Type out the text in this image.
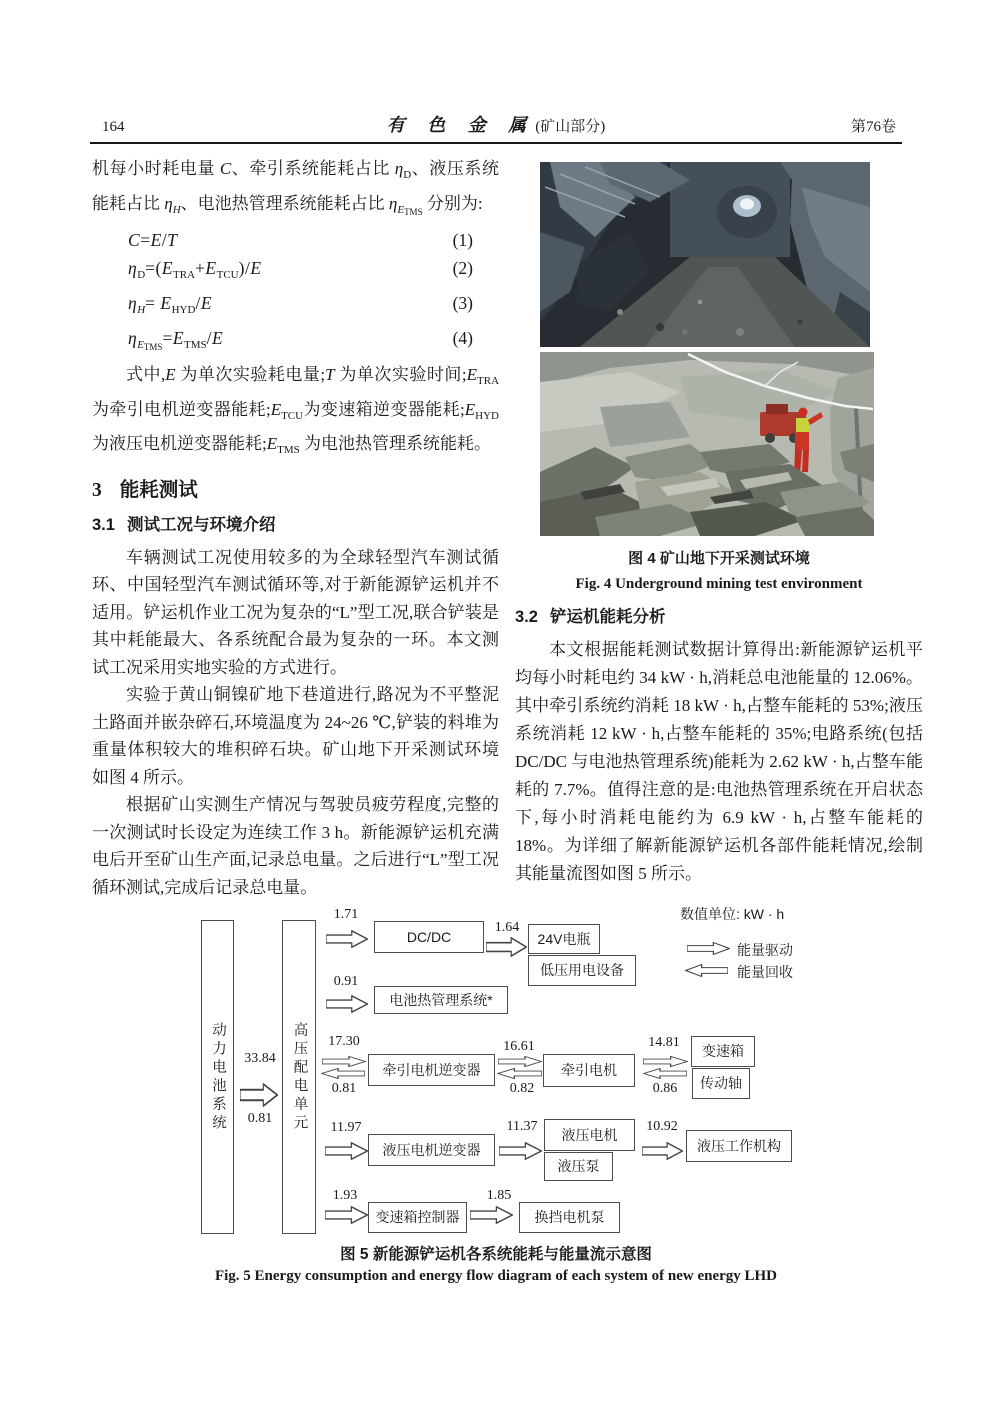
164	有 色 金 属(矿山部分)	第76卷

机每小时耗电量 C、牵引系统能耗占比 $\eta_D$、液压系统能耗占比 $\eta_H$、电池热管理系统能耗占比 $\eta_{ETMS}$ 分别为:

C=E/T	(1)
$\eta_D=(E_{TRA}+E_{TCU})/E$	(2)
$\eta_H= E_{HYD}/E$	(3)
$\eta_{ETMS}=E_{TMS}/E$	(4)

式中,E 为单次实验耗电量;T 为单次实验时间$;E_{TRA}$为牵引电机逆变器能耗$;E_{TCU}$为变速箱逆变器能耗$;E_{HYD}$ 为液压电机逆变器能耗$;E_{TMS}$ 为电池热管理系统能耗。

3 能耗测试
3.1 测试工况与环境介绍

车辆测试工况使用较多的为全球轻型汽车测试循环、中国轻型汽车测试循环等,对于新能源铲运机并不适用。铲运机作业工况为复杂的“L”型工况,联合铲装是其中耗能最大、各系统配合最为复杂的一环。本文测试工况采用实地实验的方式进行。

实验于黄山铜镍矿地下巷道进行,路况为不平整泥土路面并嵌杂碎石,环境温度为 24~26 ℃,铲装的料堆为重量体积较大的堆积碎石块。矿山地下开采测试环境如图 4 所示。

根据矿山实测生产情况与驾驶员疲劳程度,完整的一次测试时长设定为连续工作 3 h。新能源铲运机充满电后开至矿山生产面,记录总电量。之后进行“L”型工况循环测试,完成后记录总电量。

图 4 矿山地下开采测试环境
Fig. 4 Underground mining test environment
3.2 铲运机能耗分析

本文根据能耗测试数据计算得出:新能源铲运机平均每小时耗电约 34 kW · h,消耗总电池能量的 12.06%。其中牵引系统约消耗 18 kW · h,占整车能耗的 53%;液压系统消耗 12 kW · h,占整车能耗的 35%;电路系统(包括 DC/DC 与电池热管理系统)能耗为 2.62 kW · h,占整车能耗的 7.7%。值得注意的是:电池热管理系统在开启状态下,每小时消耗电能约为 6.9 kW · h,占整车能耗的 18%。为详细了解新能源铲运机各部件能耗情况,绘制其能量流图如图 5 所示。

动力电池系统	高压配电单元
33.84
0.81
1.71
DC/DC
1.64
24V电瓶
低压用电设备
数值单位: kW · h
能量驱动
能量回收
0.91
电池热管理系统*
17.30
0.81
牵引电机逆变器
16.61
0.82
牵引电机
14.81
0.86
变速箱
传动轴
11.97
液压电机逆变器
11.37	液压电机
液压泵
10.92
液压工作机构
1.93
变速箱控制器
1.85
换挡电机泵
图 5 新能源铲运机各系统能耗与能量流示意图
Fig. 5 Energy consumption and energy flow diagram of each system of new energy LHD
